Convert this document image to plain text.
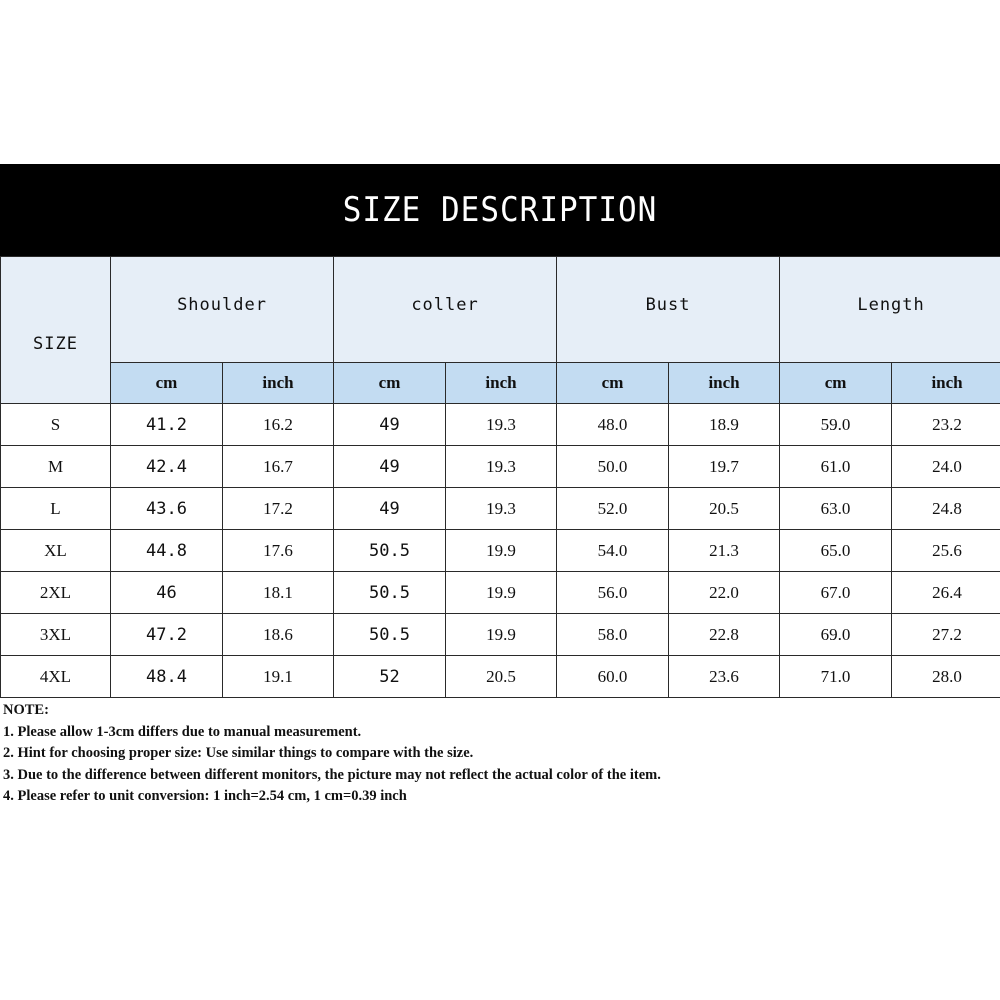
SIZE DESCRIPTION
SIZE	Shoulder		coller		Bust		Length	
	cm	inch	cm	inch	cm	inch	cm	inch
S	41.2	16.2	49	19.3	48.0	18.9	59.0	23.2
M	42.4	16.7	49	19.3	50.0	19.7	61.0	24.0
L	43.6	17.2	49	19.3	52.0	20.5	63.0	24.8
XL	44.8	17.6	50.5	19.9	54.0	21.3	65.0	25.6
2XL	46	18.1	50.5	19.9	56.0	22.0	67.0	26.4
3XL	47.2	18.6	50.5	19.9	58.0	22.8	69.0	27.2
4XL	48.4	19.1	52	20.5	60.0	23.6	71.0	28.0
NOTE:
1. Please allow 1-3cm differs due to manual measurement.
2. Hint for choosing proper size: Use similar things to compare with the size.
3. Due to the difference between different monitors, the picture may not reflect the actual color of the item.
4. Please refer to unit conversion: 1 inch=2.54 cm, 1 cm=0.39 inch
